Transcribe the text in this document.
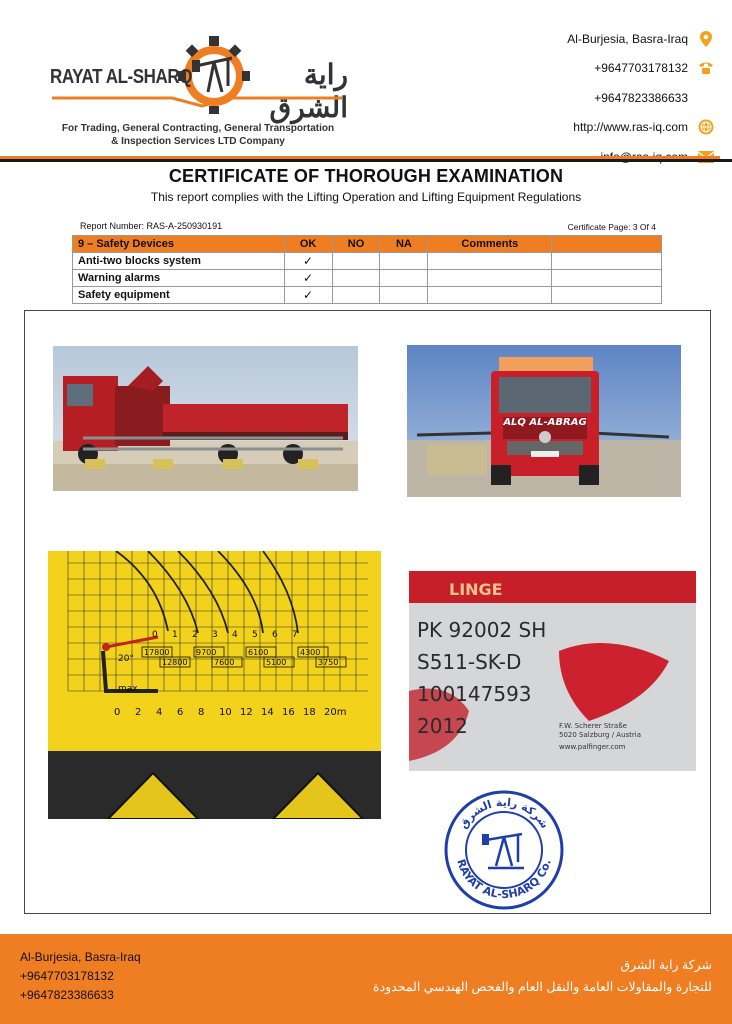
RAYAT AL-SHARQ	راية الشرق
For Trading, General Contracting, General Transportation
& Inspection Services LTD Company
Al-Burjesia, Basra-Iraq
+9647703178132
+9647823386633
http://www.ras-iq.com
CERTIFICATE OF THOROUGH EXAMINATION
This report complies with the Lifting Operation and Lifting Equipment Regulations
Report Number: RAS-A-250930191	Certificate Page: 3 Of 4
9 – Safety Devices	OK	NO	NA	Comments	
Anti-two blocks system	✓				
Warning alarms	✓				
Safety equipment	✓				
ALQ AL-ABRAG
20°
max
0 1 2 3 4 5 6 7
17800	9700	6100	4300
12800	7600	5100	3750
0 2 4 6 8 10 12 14 16 18 20m
LINGE
PK 92002 SH
S511-SK-D
100147593
2012	F.W. Scherer Straße
5020 Salzburg / Austria
www.palfinger.com
شركة راية الشرق
RAYAT AL-SHARQ Co.
Al-Burjesia, Basra-Iraq
+9647703178132
+9647823386633
شركة راية الشرق
للتجارة والمقاولات العامة والنقل العام والفحص الهندسي المحدودة
